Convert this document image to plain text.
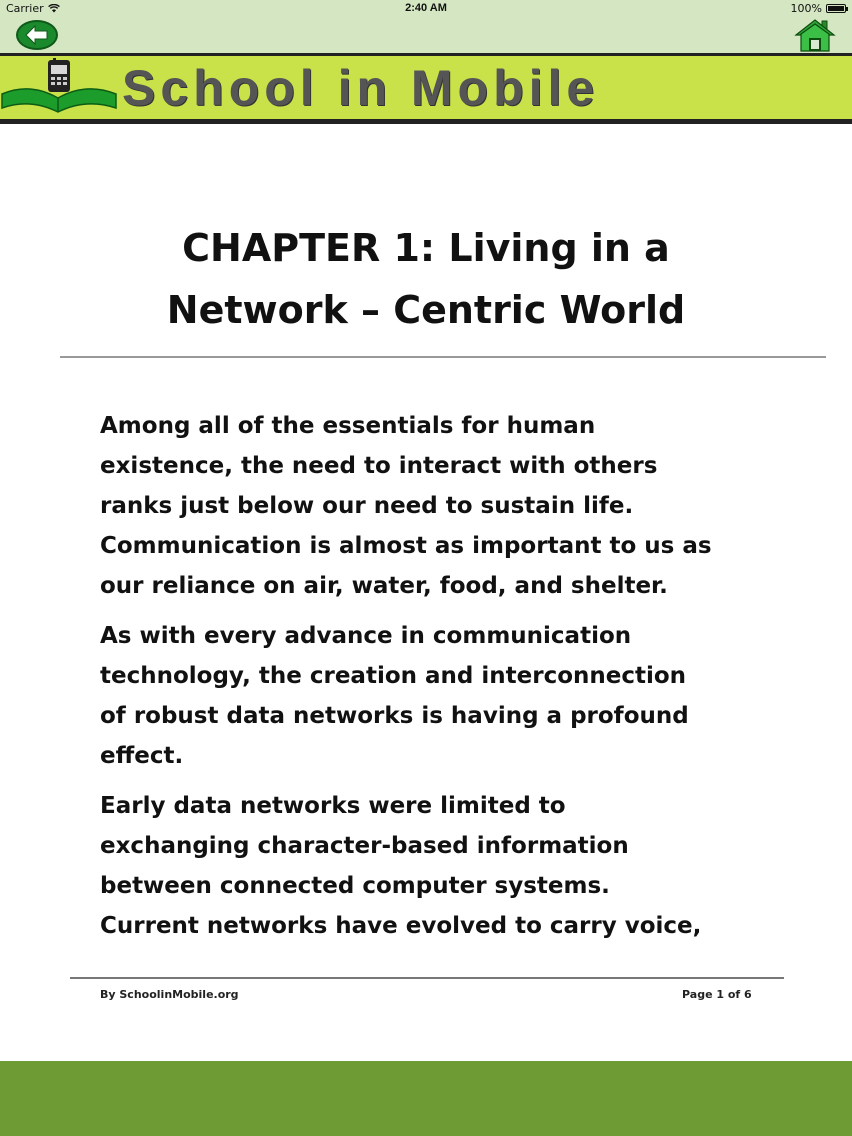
Carrier	2:40 AM	100%
School in Mobile
CHAPTER 1: Living in a
Network – Centric World

Among all of the essentials for human
existence, the need to interact with others
ranks just below our need to sustain life.
Communication is almost as important to us as
our reliance on air, water, food, and shelter.

As with every advance in communication
technology, the creation and interconnection
of robust data networks is having a profound
effect.

Early data networks were limited to
exchanging character-based information
between connected computer systems.
Current networks have evolved to carry voice,

By SchoolinMobile.org	Page 1 of 6
